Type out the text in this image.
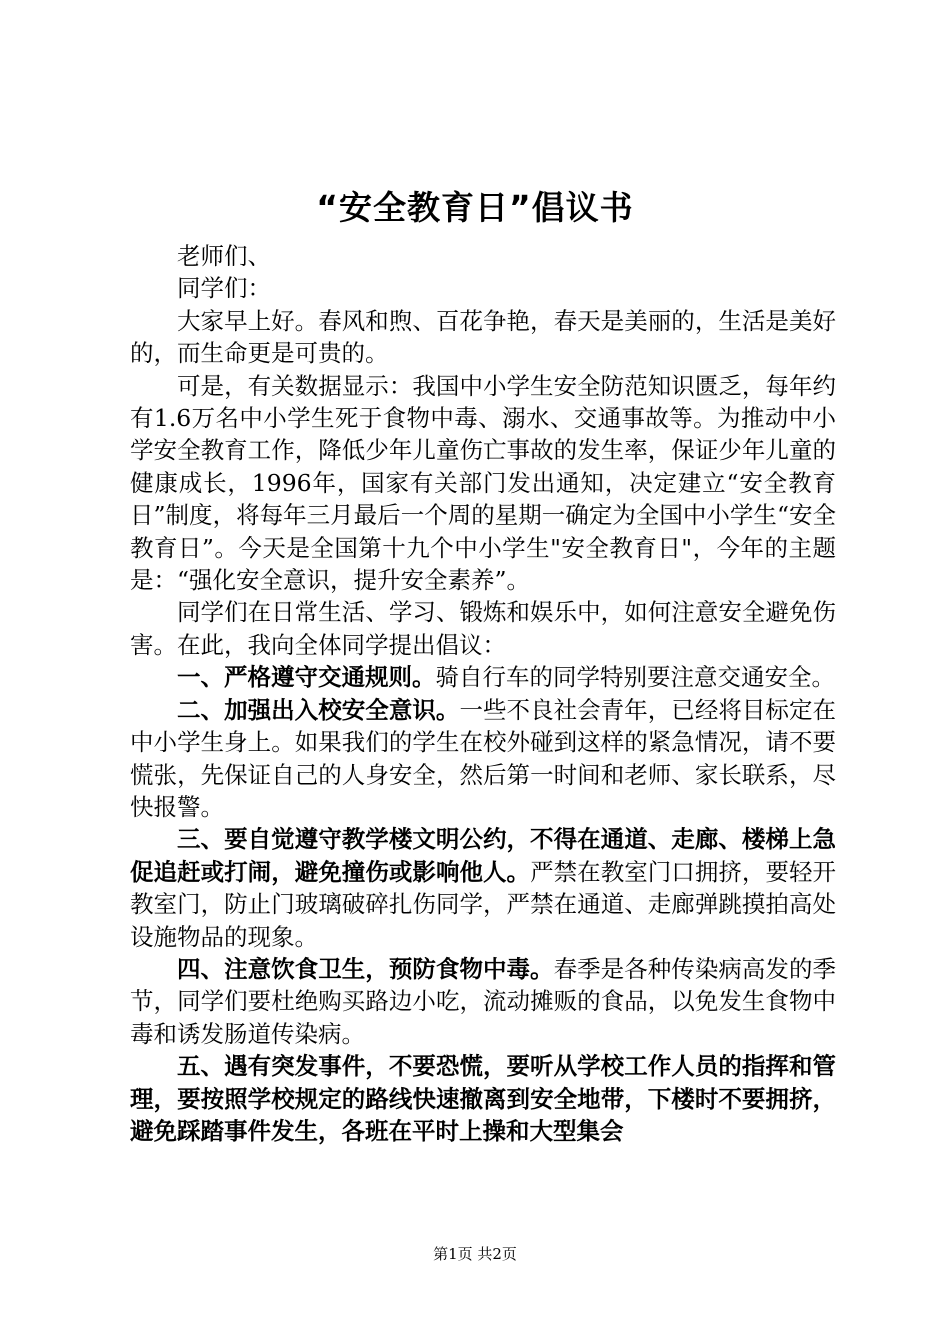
“安全教育日”倡议书

老师们、

同学们：

大家早上好。春风和煦、百花争艳，春天是美丽的，生活是美好的，而生命更是可贵的。

可是，有关数据显示：我国中小学生安全防范知识匮乏，每年约有1.6万名中小学生死于食物中毒、溺水、交通事故等。为推动中小学安全教育工作，降低少年儿童伤亡事故的发生率，保证少年儿童的健康成长，1996年，国家有关部门发出通知，决定建立“安全教育日”制度，将每年三月最后一个周的星期一确定为全国中小学生“安全教育日”。今天是全国第十九个中小学生"安全教育日"，今年的主题是：“强化安全意识，提升安全素养”。

同学们在日常生活、学习、锻炼和娱乐中，如何注意安全避免伤害。在此，我向全体同学提出倡议：

一、严格遵守交通规则。骑自行车的同学特别要注意交通安全。

二、加强出入校安全意识。一些不良社会青年，已经将目标定在中小学生身上。如果我们的学生在校外碰到这样的紧急情况，请不要慌张，先保证自己的人身安全，然后第一时间和老师、家长联系，尽快报警。

三、要自觉遵守教学楼文明公约，不得在通道、走廊、楼梯上急促追赶或打闹，避免撞伤或影响他人。严禁在教室门口拥挤，要轻开教室门，防止门玻璃破碎扎伤同学，严禁在通道、走廊弹跳摸拍高处设施物品的现象。

四、注意饮食卫生，预防食物中毒。春季是各种传染病高发的季节，同学们要杜绝购买路边小吃，流动摊贩的食品，以免发生食物中毒和诱发肠道传染病。

五、遇有突发事件，不要恐慌，要听从学校工作人员的指挥和管理，要按照学校规定的路线快速撤离到安全地带，下楼时不要拥挤，避免踩踏事件发生，各班在平时上操和大型集会

第1页 共2页
